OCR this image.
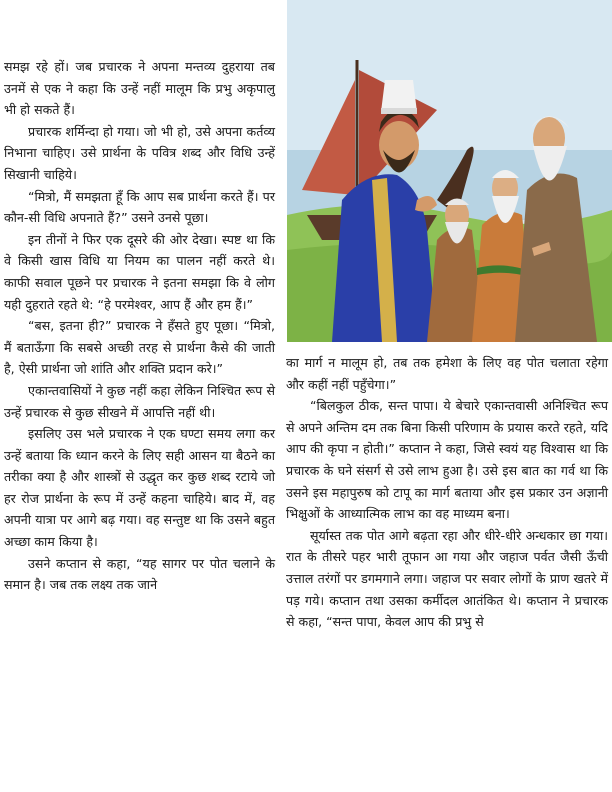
समझ रहे हों। जब प्रचारक ने अपना मन्तव्य दुहराया तब उनमें से एक ने कहा कि उन्हें नहीं मालूम कि प्रभु अकृपालु भी हो सकते हैं।

प्रचारक शर्मिन्दा हो गया। जो भी हो, उसे अपना कर्तव्य निभाना चाहिए। उसे प्रार्थना के पवित्र शब्द और विधि उन्हें सिखानी चाहिये।

“मित्रो, मैं समझता हूँ कि आप सब प्रार्थना करते हैं। पर कौन-सी विधि अपनाते हैं?” उसने उनसे पूछा।

इन तीनों ने फिर एक दूसरे की ओर देखा। स्पष्ट था कि वे किसी खास विधि या नियम का पालन नहीं करते थे। काफी सवाल पूछने पर प्रचारक ने इतना समझा कि वे लोग यही दुहराते रहते थे: “हे परमेश्वर, आप हैं और हम हैं।”

“बस, इतना ही?” प्रचारक ने हँसते हुए पूछा। “मित्रो, मैं बताऊँगा कि सबसे अच्छी तरह से प्रार्थना कैसे की जाती है, ऐसी प्रार्थना जो शांति और शक्ति प्रदान करे।”

एकान्तवासियों ने कुछ नहीं कहा लेकिन निश्चित रूप से उन्हें प्रचारक से कुछ सीखने में आपत्ति नहीं थी।

इसलिए उस भले प्रचारक ने एक घण्टा समय लगा कर उन्हें बताया कि ध्यान करने के लिए सही आसन या बैठने का तरीका क्या है और शास्त्रों से उद्धृत कर कुछ शब्द रटाये जो हर रोज प्रार्थना के रूप में उन्हें कहना चाहिये। बाद में, वह अपनी यात्रा पर आगे बढ़ गया। वह सन्तुष्ट था कि उसने बहुत अच्छा काम किया है।

उसने कप्तान से कहा, “यह सागर पर पोत चलाने के समान है। जब तक लक्ष्य तक जाने

का मार्ग न मालूम हो, तब तक हमेशा के लिए वह पोत चलाता रहेगा और कहीं नहीं पहुँचेगा।”

“बिलकुल ठीक, सन्त पापा। ये बेचारे एकान्तवासी अनिश्चित रूप से अपने अन्तिम दम तक बिना किसी परिणाम के प्रयास करते रहते, यदि आप की कृपा न होती।” कप्तान ने कहा, जिसे स्वयं यह विश्वास था कि प्रचारक के घने संसर्ग से उसे लाभ हुआ है। उसे इस बात का गर्व था कि उसने इस महापुरुष को टापू का मार्ग बताया और इस प्रकार उन अज्ञानी भिक्षुओं के आध्यात्मिक लाभ का वह माध्यम बना।

सूर्यास्त तक पोत आगे बढ़ता रहा और धीरे-धीरे अन्धकार छा गया। रात के तीसरे पहर भारी तूफान आ गया और जहाज पर्वत जैसी ऊँची उत्ताल तरंगों पर डगमगाने लगा। जहाज पर सवार लोगों के प्राण खतरे में पड़ गये। कप्तान तथा उसका कर्मीदल आतंकित थे। कप्तान ने प्रचारक से कहा, “सन्त पापा, केवल आप की प्रभु से
